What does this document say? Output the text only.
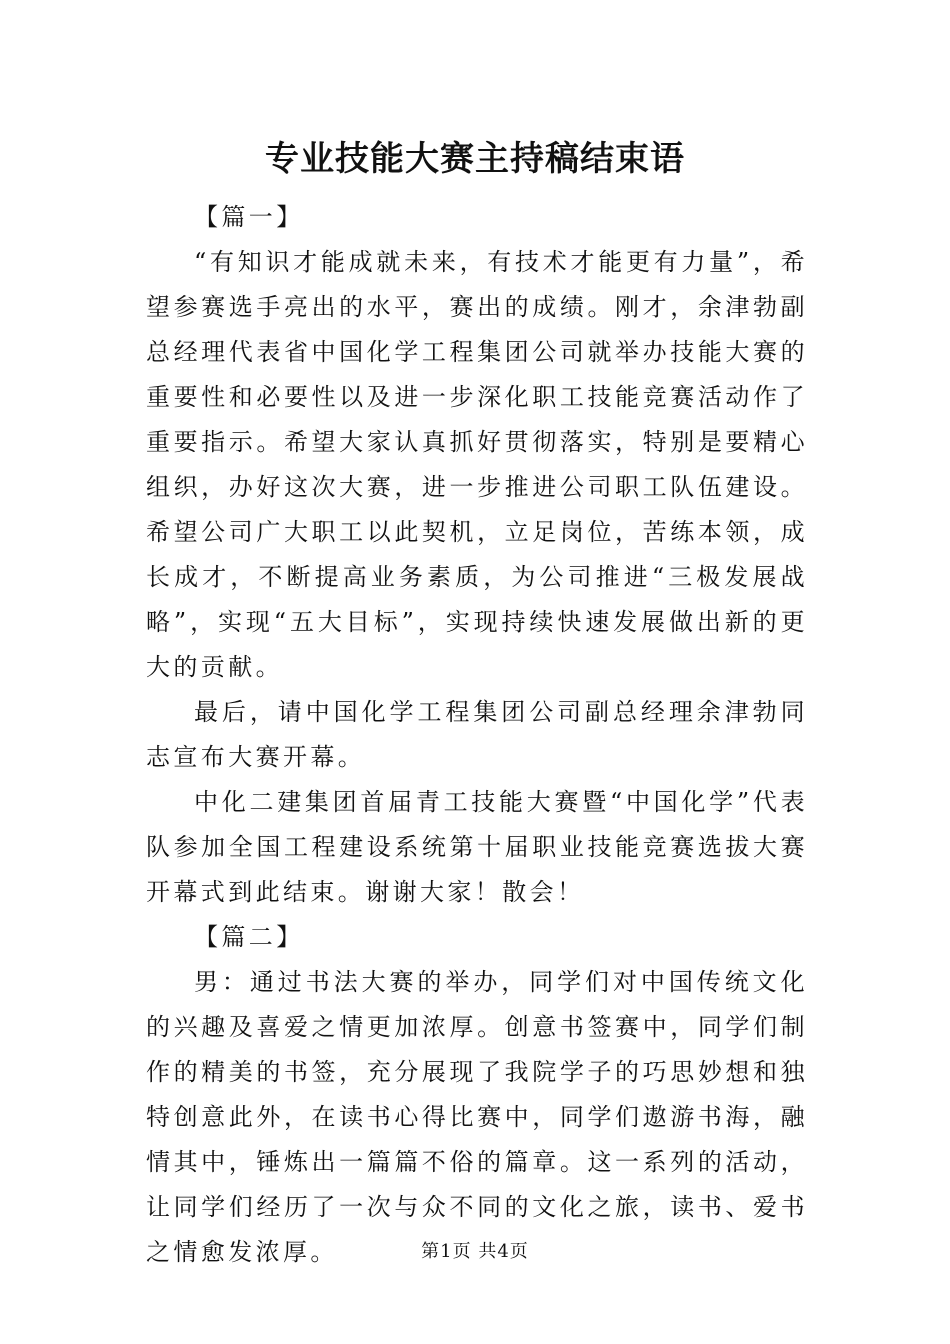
专业技能大赛主持稿结束语

【篇一】

“有知识才能成就未来，有技术才能更有力量”，希望参赛选手亮出的水平，赛出的成绩。刚才，余津勃副总经理代表省中国化学工程集团公司就举办技能大赛的重要性和必要性以及进一步深化职工技能竞赛活动作了重要指示。希望大家认真抓好贯彻落实，特别是要精心组织，办好这次大赛，进一步推进公司职工队伍建设。希望公司广大职工以此契机，立足岗位，苦练本领，成长成才，不断提高业务素质，为公司推进“三极发展战略”，实现“五大目标”，实现持续快速发展做出新的更大的贡献。

最后，请中国化学工程集团公司副总经理余津勃同志宣布大赛开幕。

中化二建集团首届青工技能大赛暨“中国化学”代表队参加全国工程建设系统第十届职业技能竞赛选拔大赛开幕式到此结束。谢谢大家！散会！

【篇二】

男：通过书法大赛的举办，同学们对中国传统文化的兴趣及喜爱之情更加浓厚。创意书签赛中，同学们制作的精美的书签，充分展现了我院学子的巧思妙想和独特创意此外，在读书心得比赛中，同学们遨游书海，融情其中，锤炼出一篇篇不俗的篇章。这一系列的活动，让同学们经历了一次与众不同的文化之旅，读书、爱书之情愈发浓厚。	第1页 共4页
